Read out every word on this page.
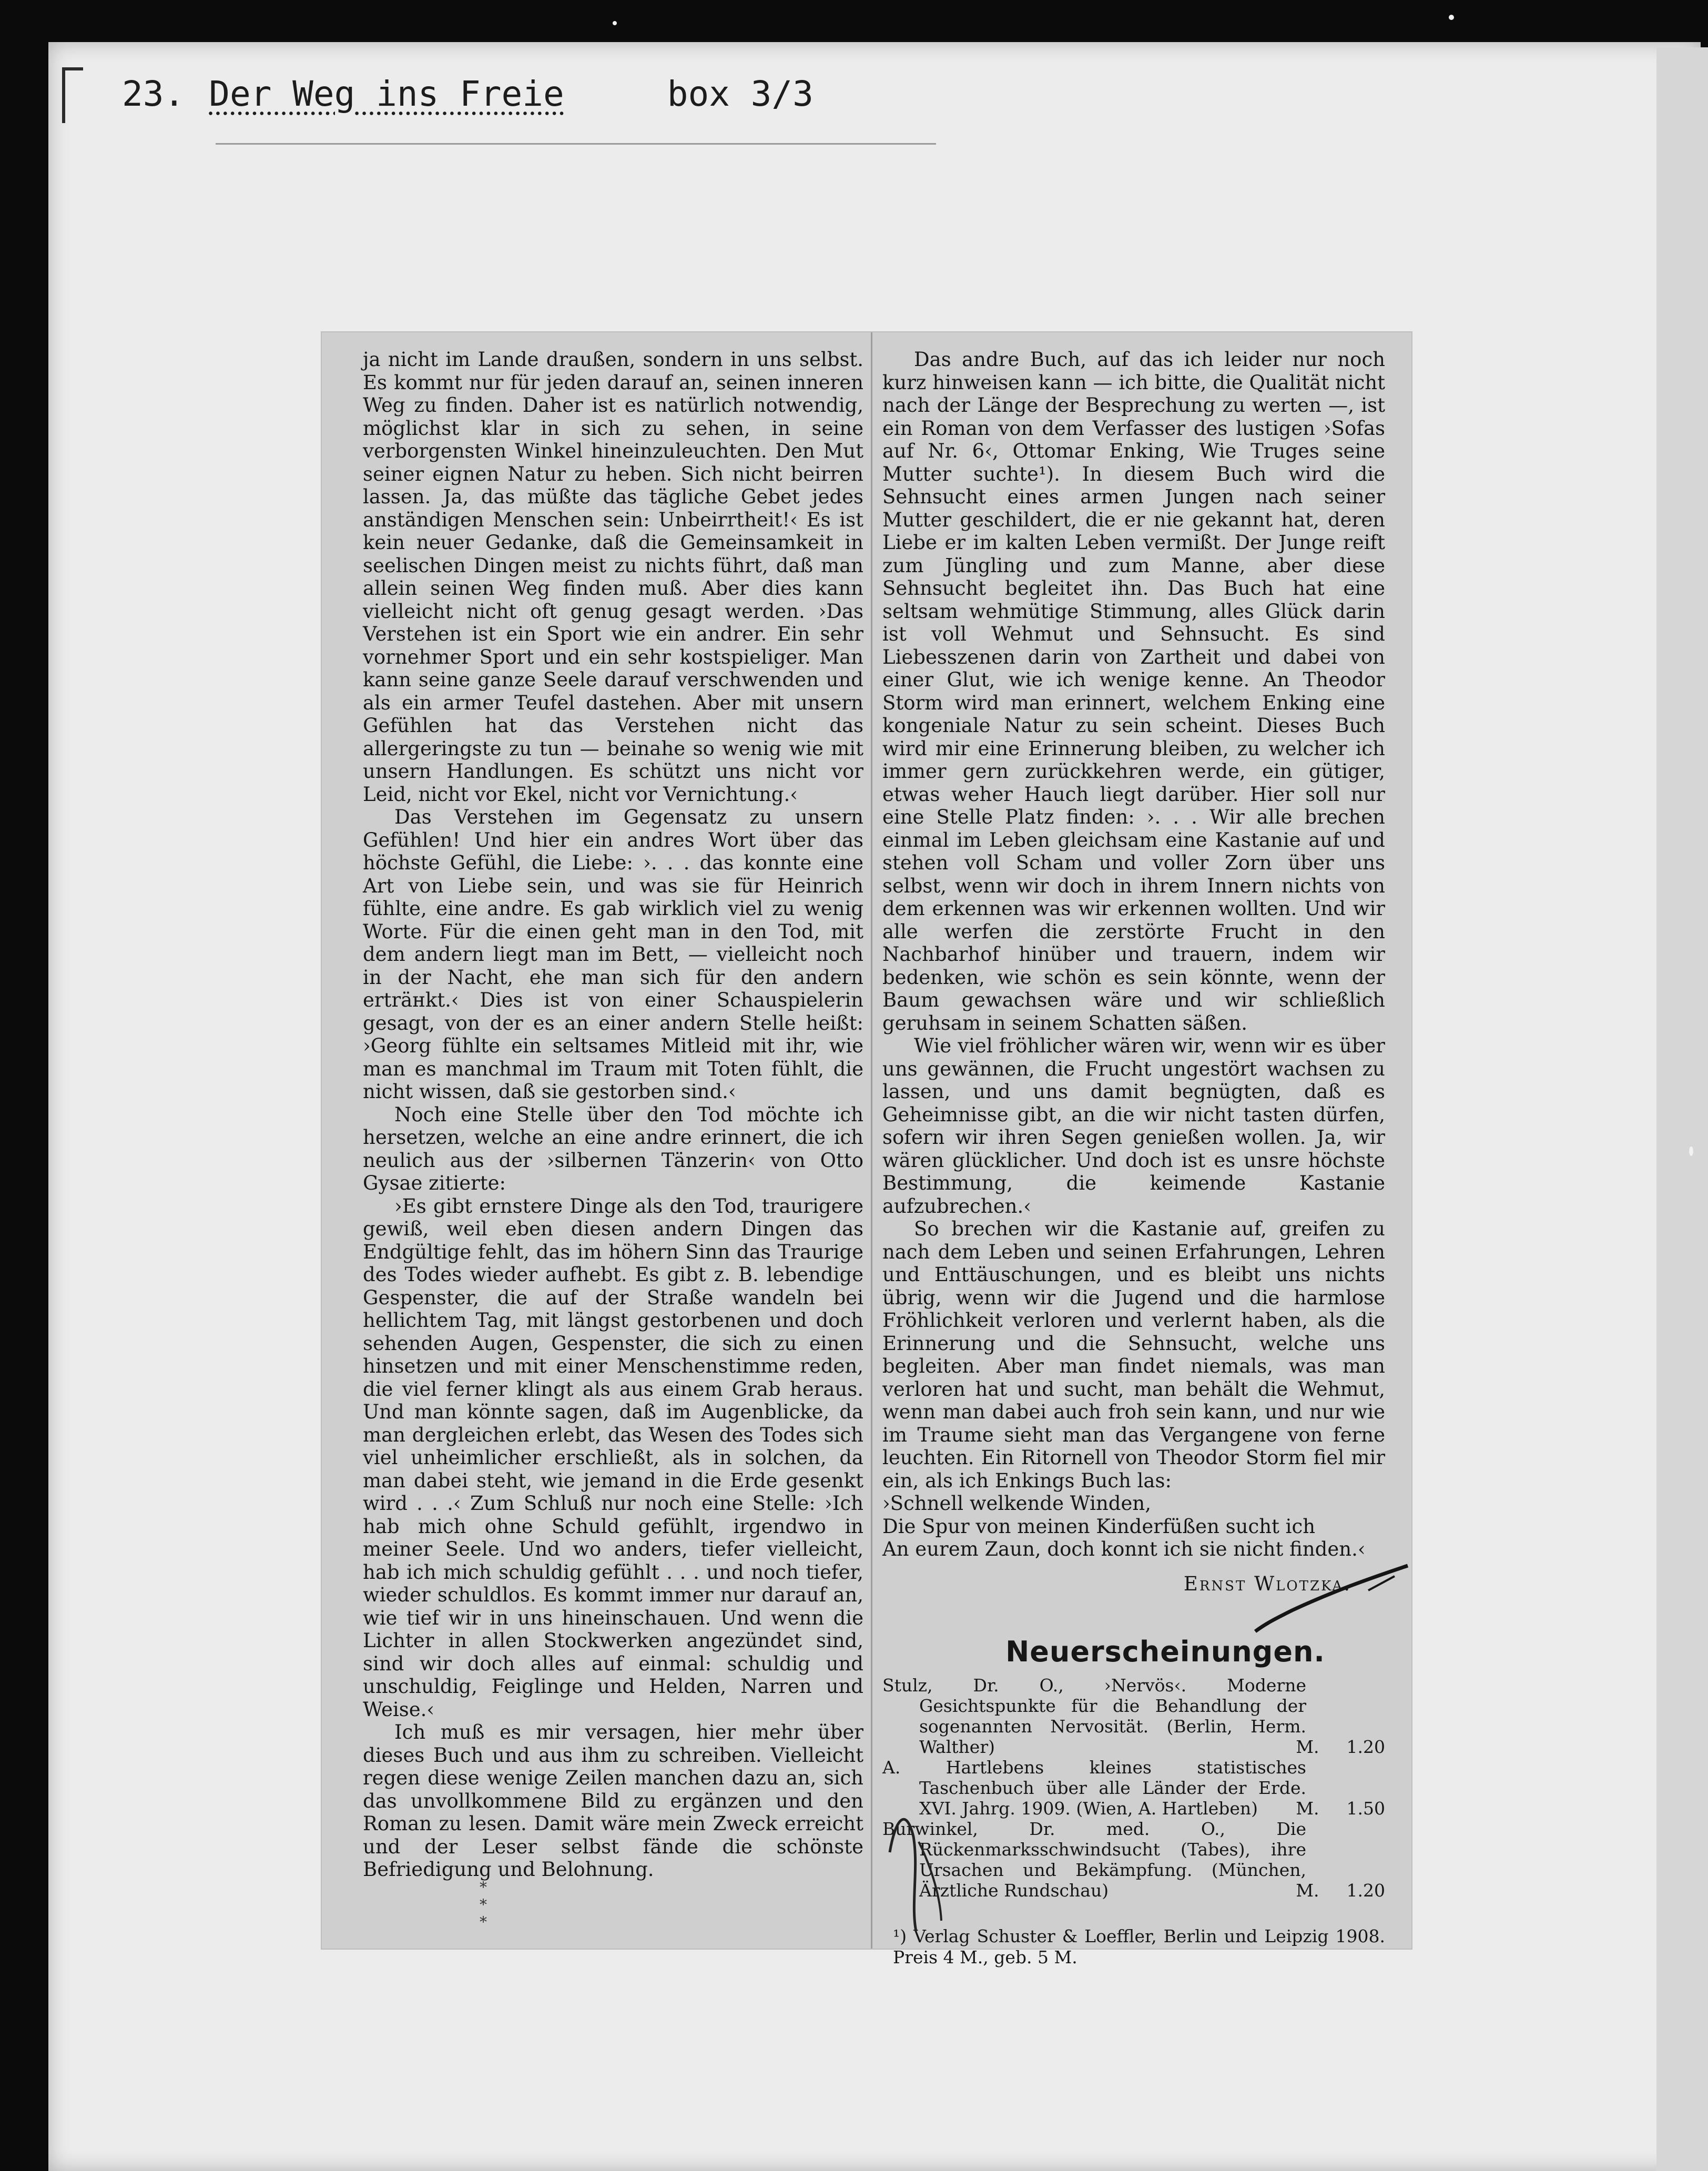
23. Der Weg ins Freie	box 3/3

ja nicht im Lande draußen, sondern in uns selbst. Es kommt nur für jeden darauf an, seinen inneren Weg zu finden. Daher ist es natürlich notwendig, möglichst klar in sich zu sehen, in seine verborgensten Winkel hineinzuleuchten. Den Mut seiner eignen Natur zu heben. Sich nicht beirren lassen. Ja, das müßte das tägliche Gebet jedes anständigen Menschen sein: Unbeirrtheit!‹ Es ist kein neuer Gedanke, daß die Gemeinsamkeit in seelischen Dingen meist zu nichts führt, daß man allein seinen Weg finden muß. Aber dies kann vielleicht nicht oft genug gesagt werden. ›Das Verstehen ist ein Sport wie ein andrer. Ein sehr vornehmer Sport und ein sehr kostspieliger. Man kann seine ganze Seele darauf verschwenden und als ein armer Teufel dastehen. Aber mit unsern Gefühlen hat das Verstehen nicht das allergeringste zu tun — beinahe so wenig wie mit unsern Handlungen. Es schützt uns nicht vor Leid, nicht vor Ekel, nicht vor Vernichtung.‹

Das Verstehen im Gegensatz zu unsern Gefühlen! Und hier ein andres Wort über das höchste Gefühl, die Liebe: ›. . . das konnte eine Art von Liebe sein, und was sie für Heinrich fühlte, eine andre. Es gab wirklich viel zu wenig Worte. Für die einen geht man in den Tod, mit dem andern liegt man im Bett, — vielleicht noch in der Nacht, ehe man sich für den andern erträнkt.‹ Dies ist von einer Schauspielerin gesagt, von der es an einer andern Stelle heißt: ›Georg fühlte ein seltsames Mitleid mit ihr, wie man es manchmal im Traum mit Toten fühlt, die nicht wissen, daß sie gestorben sind.‹

Noch eine Stelle über den Tod möchte ich hersetzen, welche an eine andre erinnert, die ich neulich aus der ›silbernen Tänzerin‹ von Otto Gysae zitierte:

›Es gibt ernstere Dinge als den Tod, traurigere gewiß, weil eben diesen andern Dingen das Endgültige fehlt, das im höhern Sinn das Traurige des Todes wieder aufhebt. Es gibt z. B. lebendige Gespenster, die auf der Straße wandeln bei hellichtem Tag, mit längst gestorbenen und doch sehenden Augen, Gespenster, die sich zu einen hinsetzen und mit einer Menschenstimme reden, die viel ferner klingt als aus einem Grab heraus. Und man könnte sagen, daß im Augenblicke, da man dergleichen erlebt, das Wesen des Todes sich viel unheimlicher erschließt, als in solchen, da man dabei steht, wie jemand in die Erde gesenkt wird . . .‹ Zum Schluß nur noch eine Stelle: ›Ich hab mich ohne Schuld gefühlt, irgendwo in meiner Seele. Und wo anders, tiefer vielleicht, hab ich mich schuldig gefühlt . . . und noch tiefer, wieder schuldlos. Es kommt immer nur darauf an, wie tief wir in uns hineinschauen. Und wenn die Lichter in allen Stockwerken angezündet sind, sind wir doch alles auf einmal: schuldig und unschuldig, Feiglinge und Helden, Narren und Weise.‹

Ich muß es mir versagen, hier mehr über dieses Buch und aus ihm zu schreiben. Vielleicht regen diese wenige Zeilen manchen dazu an, sich das unvollkommene Bild zu ergänzen und den Roman zu lesen. Damit wäre mein Zweck erreicht und der Leser selbst fände die schönste Befriedigung und Belohnung.

* * *

Das andre Buch, auf das ich leider nur noch kurz hinweisen kann — ich bitte, die Qualität nicht nach der Länge der Besprechung zu werten —, ist ein Roman von dem Verfasser des lustigen ›Sofas auf Nr. 6‹, Ottomar Enking, Wie Truges seine Mutter suchte¹). In diesem Buch wird die Sehnsucht eines armen Jungen nach seiner Mutter geschildert, die er nie gekannt hat, deren Liebe er im kalten Leben vermißt. Der Junge reift zum Jüngling und zum Manne, aber diese Sehnsucht begleitet ihn. Das Buch hat eine seltsam wehmütige Stimmung, alles Glück darin ist voll Wehmut und Sehnsucht. Es sind Liebesszenen darin von Zartheit und dabei von einer Glut, wie ich wenige kenne. An Theodor Storm wird man erinnert, welchem Enking eine kongeniale Natur zu sein scheint. Dieses Buch wird mir eine Erinnerung bleiben, zu welcher ich immer gern zurückkehren werde, ein gütiger, etwas weher Hauch liegt darüber. Hier soll nur eine Stelle Platz finden: ›. . . Wir alle brechen einmal im Leben gleichsam eine Kastanie auf und stehen voll Scham und voller Zorn über uns selbst, wenn wir doch in ihrem Innern nichts von dem erkennen was wir erkennen wollten. Und wir alle werfen die zerstörte Frucht in den Nachbarhof hinüber und trauern, indem wir bedenken, wie schön es sein könnte, wenn der Baum gewachsen wäre und wir schließlich geruhsam in seinem Schatten säßen.

Wie viel fröhlicher wären wir, wenn wir es über uns gewännen, die Frucht ungestört wachsen zu lassen, und uns damit begnügten, daß es Geheimnisse gibt, an die wir nicht tasten dürfen, sofern wir ihren Segen genießen wollen. Ja, wir wären glücklicher. Und doch ist es unsre höchste Bestimmung, die keimende Kastanie aufzubrechen.‹

So brechen wir die Kastanie auf, greifen zu nach dem Leben und seinen Erfahrungen, Lehren und Enttäuschungen, und es bleibt uns nichts übrig, wenn wir die Jugend und die harmlose Fröhlichkeit verloren und verlernt haben, als die Erinnerung und die Sehnsucht, welche uns begleiten. Aber man findet niemals, was man verloren hat und sucht, man behält die Wehmut, wenn man dabei auch froh sein kann, und nur wie im Traume sieht man das Vergangene von ferne leuchten. Ein Ritornell von Theodor Storm fiel mir ein, als ich Enkings Buch las:

›Schnell welkende Winden,
Die Spur von meinen Kinderfüßen sucht ich
An eurem Zaun, doch konnt ich sie nicht finden.‹
Ernst Wlotzka.
Neuerscheinungen.
Stulz, Dr. O., ›Nervös‹. Moderne Gesichtspunkte für die Behandlung der sogenannten Nervosität. (Berlin, Herm. Walther)	M. 1.20
A. Hartlebens kleines statistisches Taschenbuch über alle Länder der Erde. XVI. Jahrg. 1909. (Wien, A. Hartleben) M. 1.50
Burwinkel, Dr. med. O., Die Rückenmarksschwindsucht (Tabes), ihre Ursachen und Bekämpfung. (München, Ärztliche Rundschau)	M. 1.20
¹) Verlag Schuster & Loeffler, Berlin und Leipzig 1908. Preis 4 M., geb. 5 M.
